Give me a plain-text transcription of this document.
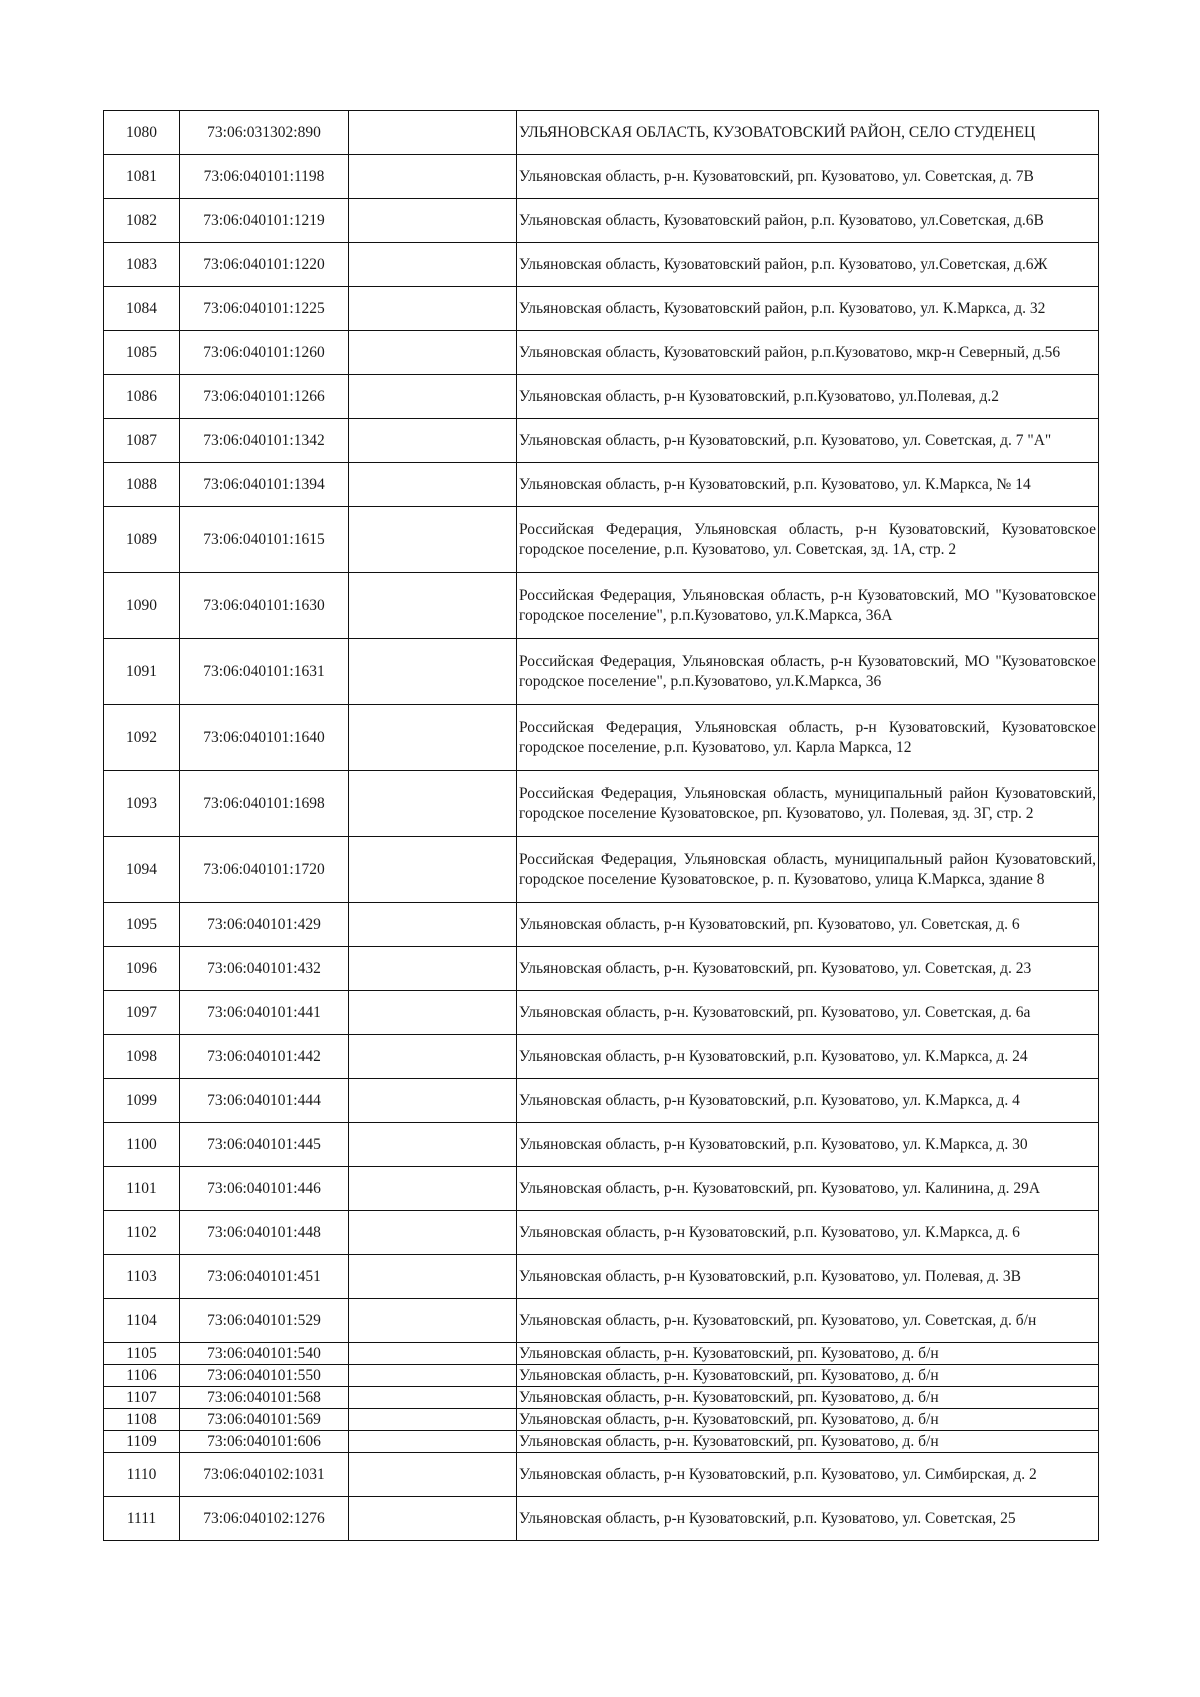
1080	73:06:031302:890		УЛЬЯНОВСКАЯ ОБЛАСТЬ, КУЗОВАТОВСКИЙ РАЙОН, СЕЛО СТУДЕНЕЦ
1081	73:06:040101:1198		Ульяновская область, р-н. Кузоватовский, рп. Кузоватово, ул. Советская, д. 7В
1082	73:06:040101:1219		Ульяновская область, Кузоватовский район, р.п. Кузоватово, ул.Советская, д.6В
1083	73:06:040101:1220		Ульяновская область, Кузоватовский район, р.п. Кузоватово, ул.Советская, д.6Ж
1084	73:06:040101:1225		Ульяновская область, Кузоватовский район, р.п. Кузоватово, ул. К.Маркса, д. 32
1085	73:06:040101:1260		Ульяновская область, Кузоватовский район, р.п.Кузоватово, мкр-н Северный, д.56
1086	73:06:040101:1266		Ульяновская область, р-н Кузоватовский, р.п.Кузоватово, ул.Полевая, д.2
1087	73:06:040101:1342		Ульяновская область, р-н Кузоватовский, р.п. Кузоватово, ул. Советская, д. 7 "А"
1088	73:06:040101:1394		Ульяновская область, р-н Кузоватовский, р.п. Кузоватово, ул. К.Маркса, № 14
1089	73:06:040101:1615		Российская Федерация, Ульяновская область, р-н Кузоватовский, Кузоватовское городское поселение, р.п. Кузоватово, ул. Советская, зд. 1А, стр. 2
1090	73:06:040101:1630		Российская Федерация, Ульяновская область, р-н Кузоватовский, МО "Кузоватовское городское поселение", р.п.Кузоватово, ул.К.Маркса, 36А
1091	73:06:040101:1631		Российская Федерация, Ульяновская область, р-н Кузоватовский, МО "Кузоватовское городское поселение", р.п.Кузоватово, ул.К.Маркса, 36
1092	73:06:040101:1640		Российская Федерация, Ульяновская область, р-н Кузоватовский, Кузоватовское городское поселение, р.п. Кузоватово, ул. Карла Маркса, 12
1093	73:06:040101:1698		Российская Федерация, Ульяновская область, муниципальный район Кузоватовский, городское поселение Кузоватовское, рп. Кузоватово, ул. Полевая, зд. 3Г, стр. 2
1094	73:06:040101:1720		Российская Федерация, Ульяновская область, муниципальный район Кузоватовский, городское поселение Кузоватовское, р. п. Кузоватово, улица К.Маркса, здание 8
1095	73:06:040101:429		Ульяновская область, р-н Кузоватовский, рп. Кузоватово, ул. Советская, д. 6
1096	73:06:040101:432		Ульяновская область, р-н. Кузоватовский, рп. Кузоватово, ул. Советская, д. 23
1097	73:06:040101:441		Ульяновская область, р-н. Кузоватовский, рп. Кузоватово, ул. Советская, д. 6а
1098	73:06:040101:442		Ульяновская область, р-н Кузоватовский, р.п. Кузоватово, ул. К.Маркса, д. 24
1099	73:06:040101:444		Ульяновская область, р-н Кузоватовский, р.п. Кузоватово, ул. К.Маркса, д. 4
1100	73:06:040101:445		Ульяновская область, р-н Кузоватовский, р.п. Кузоватово, ул. К.Маркса, д. 30
1101	73:06:040101:446		Ульяновская область, р-н. Кузоватовский, рп. Кузоватово, ул. Калинина, д. 29А
1102	73:06:040101:448		Ульяновская область, р-н Кузоватовский, р.п. Кузоватово, ул. К.Маркса, д. 6
1103	73:06:040101:451		Ульяновская область, р-н Кузоватовский, р.п. Кузоватово, ул. Полевая, д. 3В
1104	73:06:040101:529		Ульяновская область, р-н. Кузоватовский, рп. Кузоватово, ул. Советская, д. б/н
1105	73:06:040101:540		Ульяновская область, р-н. Кузоватовский, рп. Кузоватово, д. б/н
1106	73:06:040101:550		Ульяновская область, р-н. Кузоватовский, рп. Кузоватово, д. б/н
1107	73:06:040101:568		Ульяновская область, р-н. Кузоватовский, рп. Кузоватово, д. б/н
1108	73:06:040101:569		Ульяновская область, р-н. Кузоватовский, рп. Кузоватово, д. б/н
1109	73:06:040101:606		Ульяновская область, р-н. Кузоватовский, рп. Кузоватово, д. б/н
1110	73:06:040102:1031		Ульяновская область, р-н Кузоватовский, р.п. Кузоватово, ул. Симбирская, д. 2
1111	73:06:040102:1276		Ульяновская область, р-н Кузоватовский, р.п. Кузоватово, ул. Советская, 25
